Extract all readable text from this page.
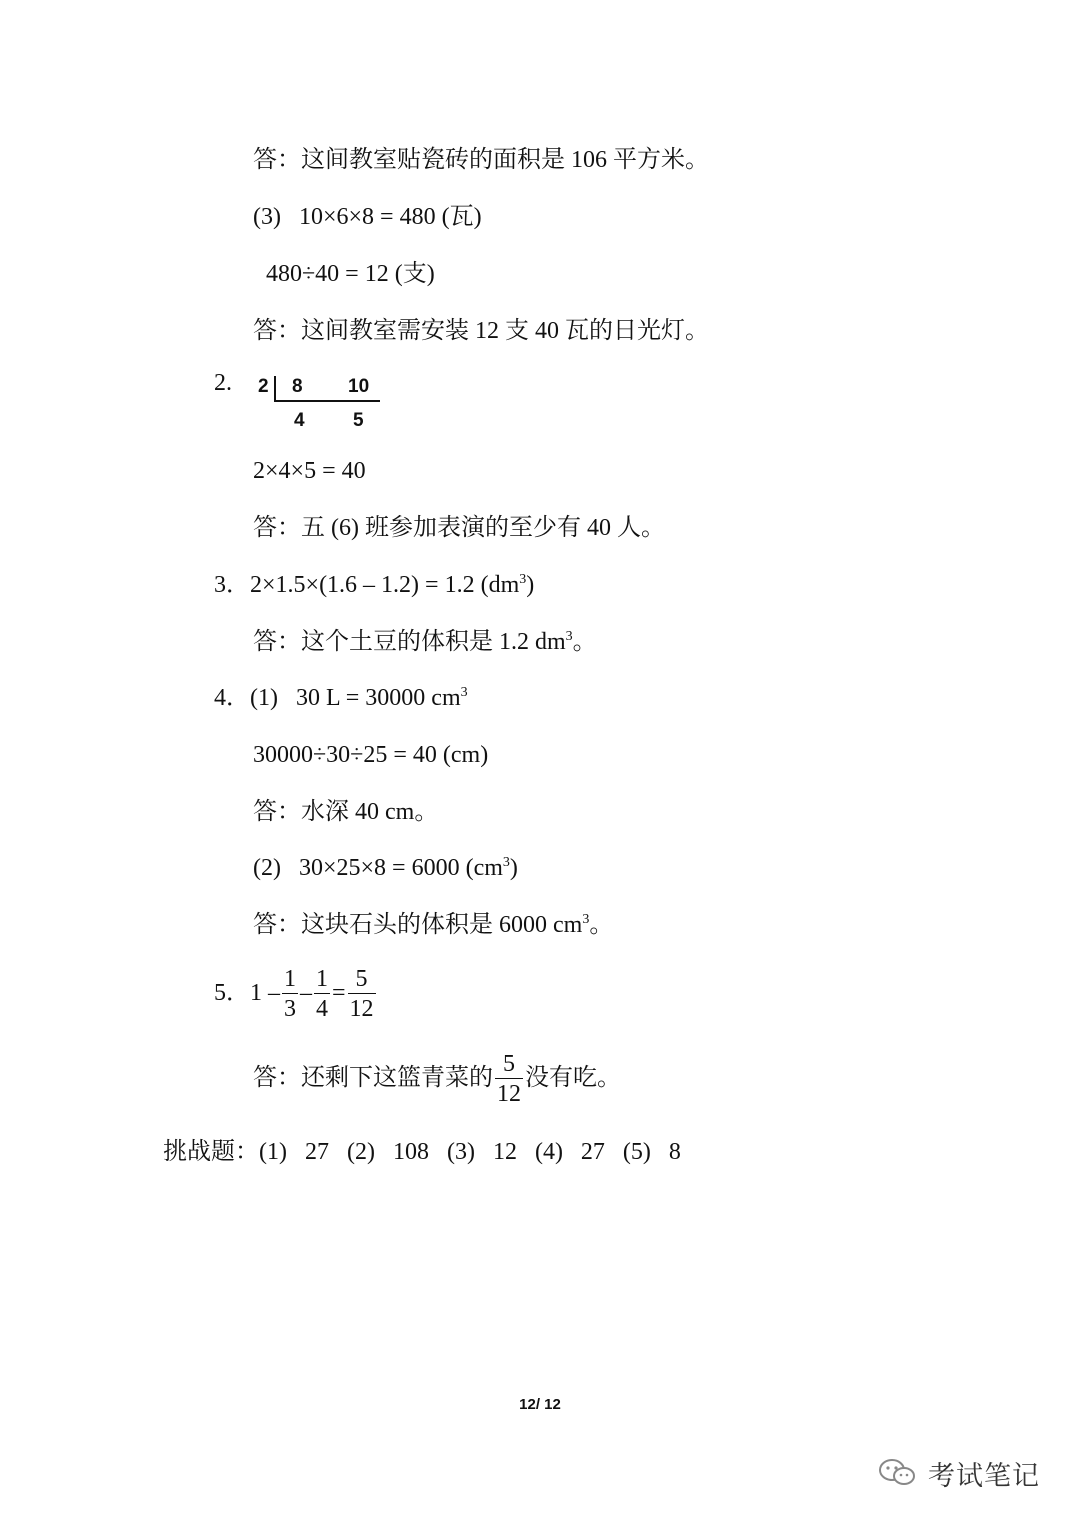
答：这间教室贴瓷砖的面积是 106 平方米。
(3)  10×6×8 = 480 (瓦)
480÷40 = 12 (支)
答：这间教室需安装 12 支 40 瓦的日光灯。
2. 2 8 10
4	5
2×4×5 = 40
答：五 (6) 班参加表演的至少有 40 人。
3．2×1.5×(1.6 – 1.2) = 1.2 $(dm^3)$
答：这个土豆的体积是 1.2 $dm^3$。
4．(1)  30 L = 30000 $cm^3$
30000÷30÷25 = 40 (cm)
答：水深 40 cm。
(2)  30×25×8 = 6000 $(cm^3)$
答：这块石头的体积是 6000 $cm^3$。
5．$1 - \frac{1}{3} - \frac{1}{4} = \frac{5}{12}$
答：还剩下这篮青菜的 $\frac{5}{12}$ 没有吃。
挑战题：(1)  27  (2)  108  (3)  12  (4)  27  (5)  8
12/ 12
考试笔记
